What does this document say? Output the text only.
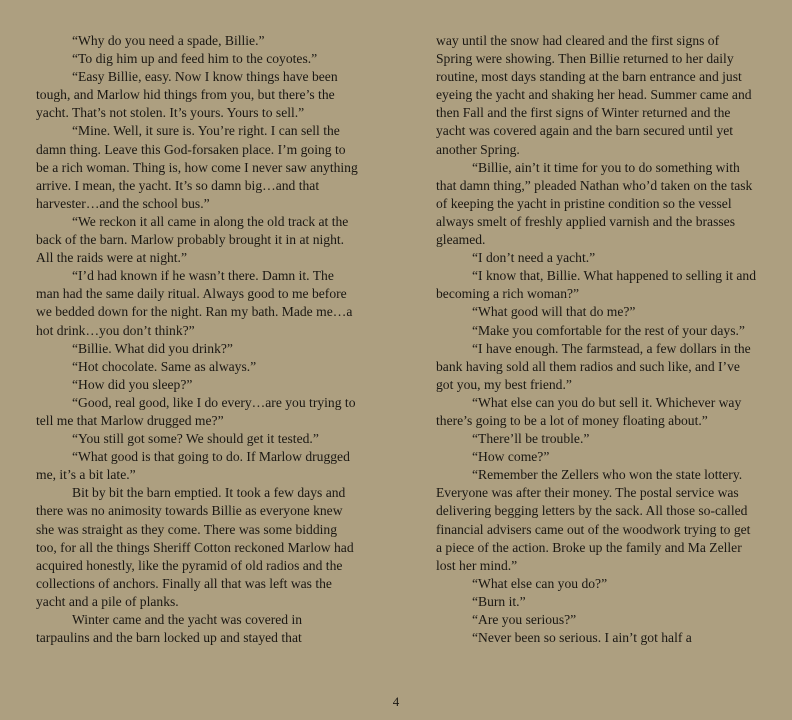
“Why do you need a spade, Billie.”

“To dig him up and feed him to the coyotes.”

“Easy Billie, easy. Now I know things have been tough, and Marlow hid things from you, but there’s the yacht. That’s not stolen. It’s yours. Yours to sell.”

“Mine. Well, it sure is. You’re right. I can sell the damn thing. Leave this God-forsaken place. I’m going to be a rich woman. Thing is, how come I never saw anything arrive. I mean, the yacht. It’s so damn big…and that harvester…and the school bus.”

“We reckon it all came in along the old track at the back of the barn. Marlow probably brought it in at night. All the raids were at night.”

“I’d had known if he wasn’t there. Damn it. The man had the same daily ritual. Always good to me before we bedded down for the night. Ran my bath. Made me…a hot drink…you don’t think?”

“Billie. What did you drink?”

“Hot chocolate. Same as always.”

“How did you sleep?”

“Good, real good, like I do every…are you trying to tell me that Marlow drugged me?”

“You still got some? We should get it tested.”

“What good is that going to do. If Marlow drugged me, it’s a bit late.”

Bit by bit the barn emptied. It took a few days and there was no animosity towards Billie as everyone knew she was straight as they come. There was some bidding too, for all the things Sheriff Cotton reckoned Marlow had acquired honestly, like the pyramid of old radios and the collections of anchors. Finally all that was left was the yacht and a pile of planks.

Winter came and the yacht was covered in tarpaulins and the barn locked up and stayed that

way until the snow had cleared and the first signs of Spring were showing. Then Billie returned to her daily routine, most days standing at the barn entrance and just eyeing the yacht and shaking her head. Summer came and then Fall and the first signs of Winter returned and the yacht was covered again and the barn secured until yet another Spring.

“Billie, ain’t it time for you to do something with that damn thing,” pleaded Nathan who’d taken on the task of keeping the yacht in pristine condition so the vessel always smelt of freshly applied varnish and the brasses gleamed.

“I don’t need a yacht.”

“I know that, Billie. What happened to selling it and becoming a rich woman?”

“What good will that do me?”

“Make you comfortable for the rest of your days.”

“I have enough. The farmstead, a few dollars in the bank having sold all them radios and such like, and I’ve got you, my best friend.”

“What else can you do but sell it. Whichever way there’s going to be a lot of money floating about.”

“There’ll be trouble.”

“How come?”

“Remember the Zellers who won the state lottery. Everyone was after their money. The postal service was delivering begging letters by the sack. All those so-called financial advisers came out of the woodwork trying to get a piece of the action. Broke up the family and Ma Zeller lost her mind.”

“What else can you do?”

“Burn it.”

“Are you serious?”

“Never been so serious. I ain’t got half a

4
